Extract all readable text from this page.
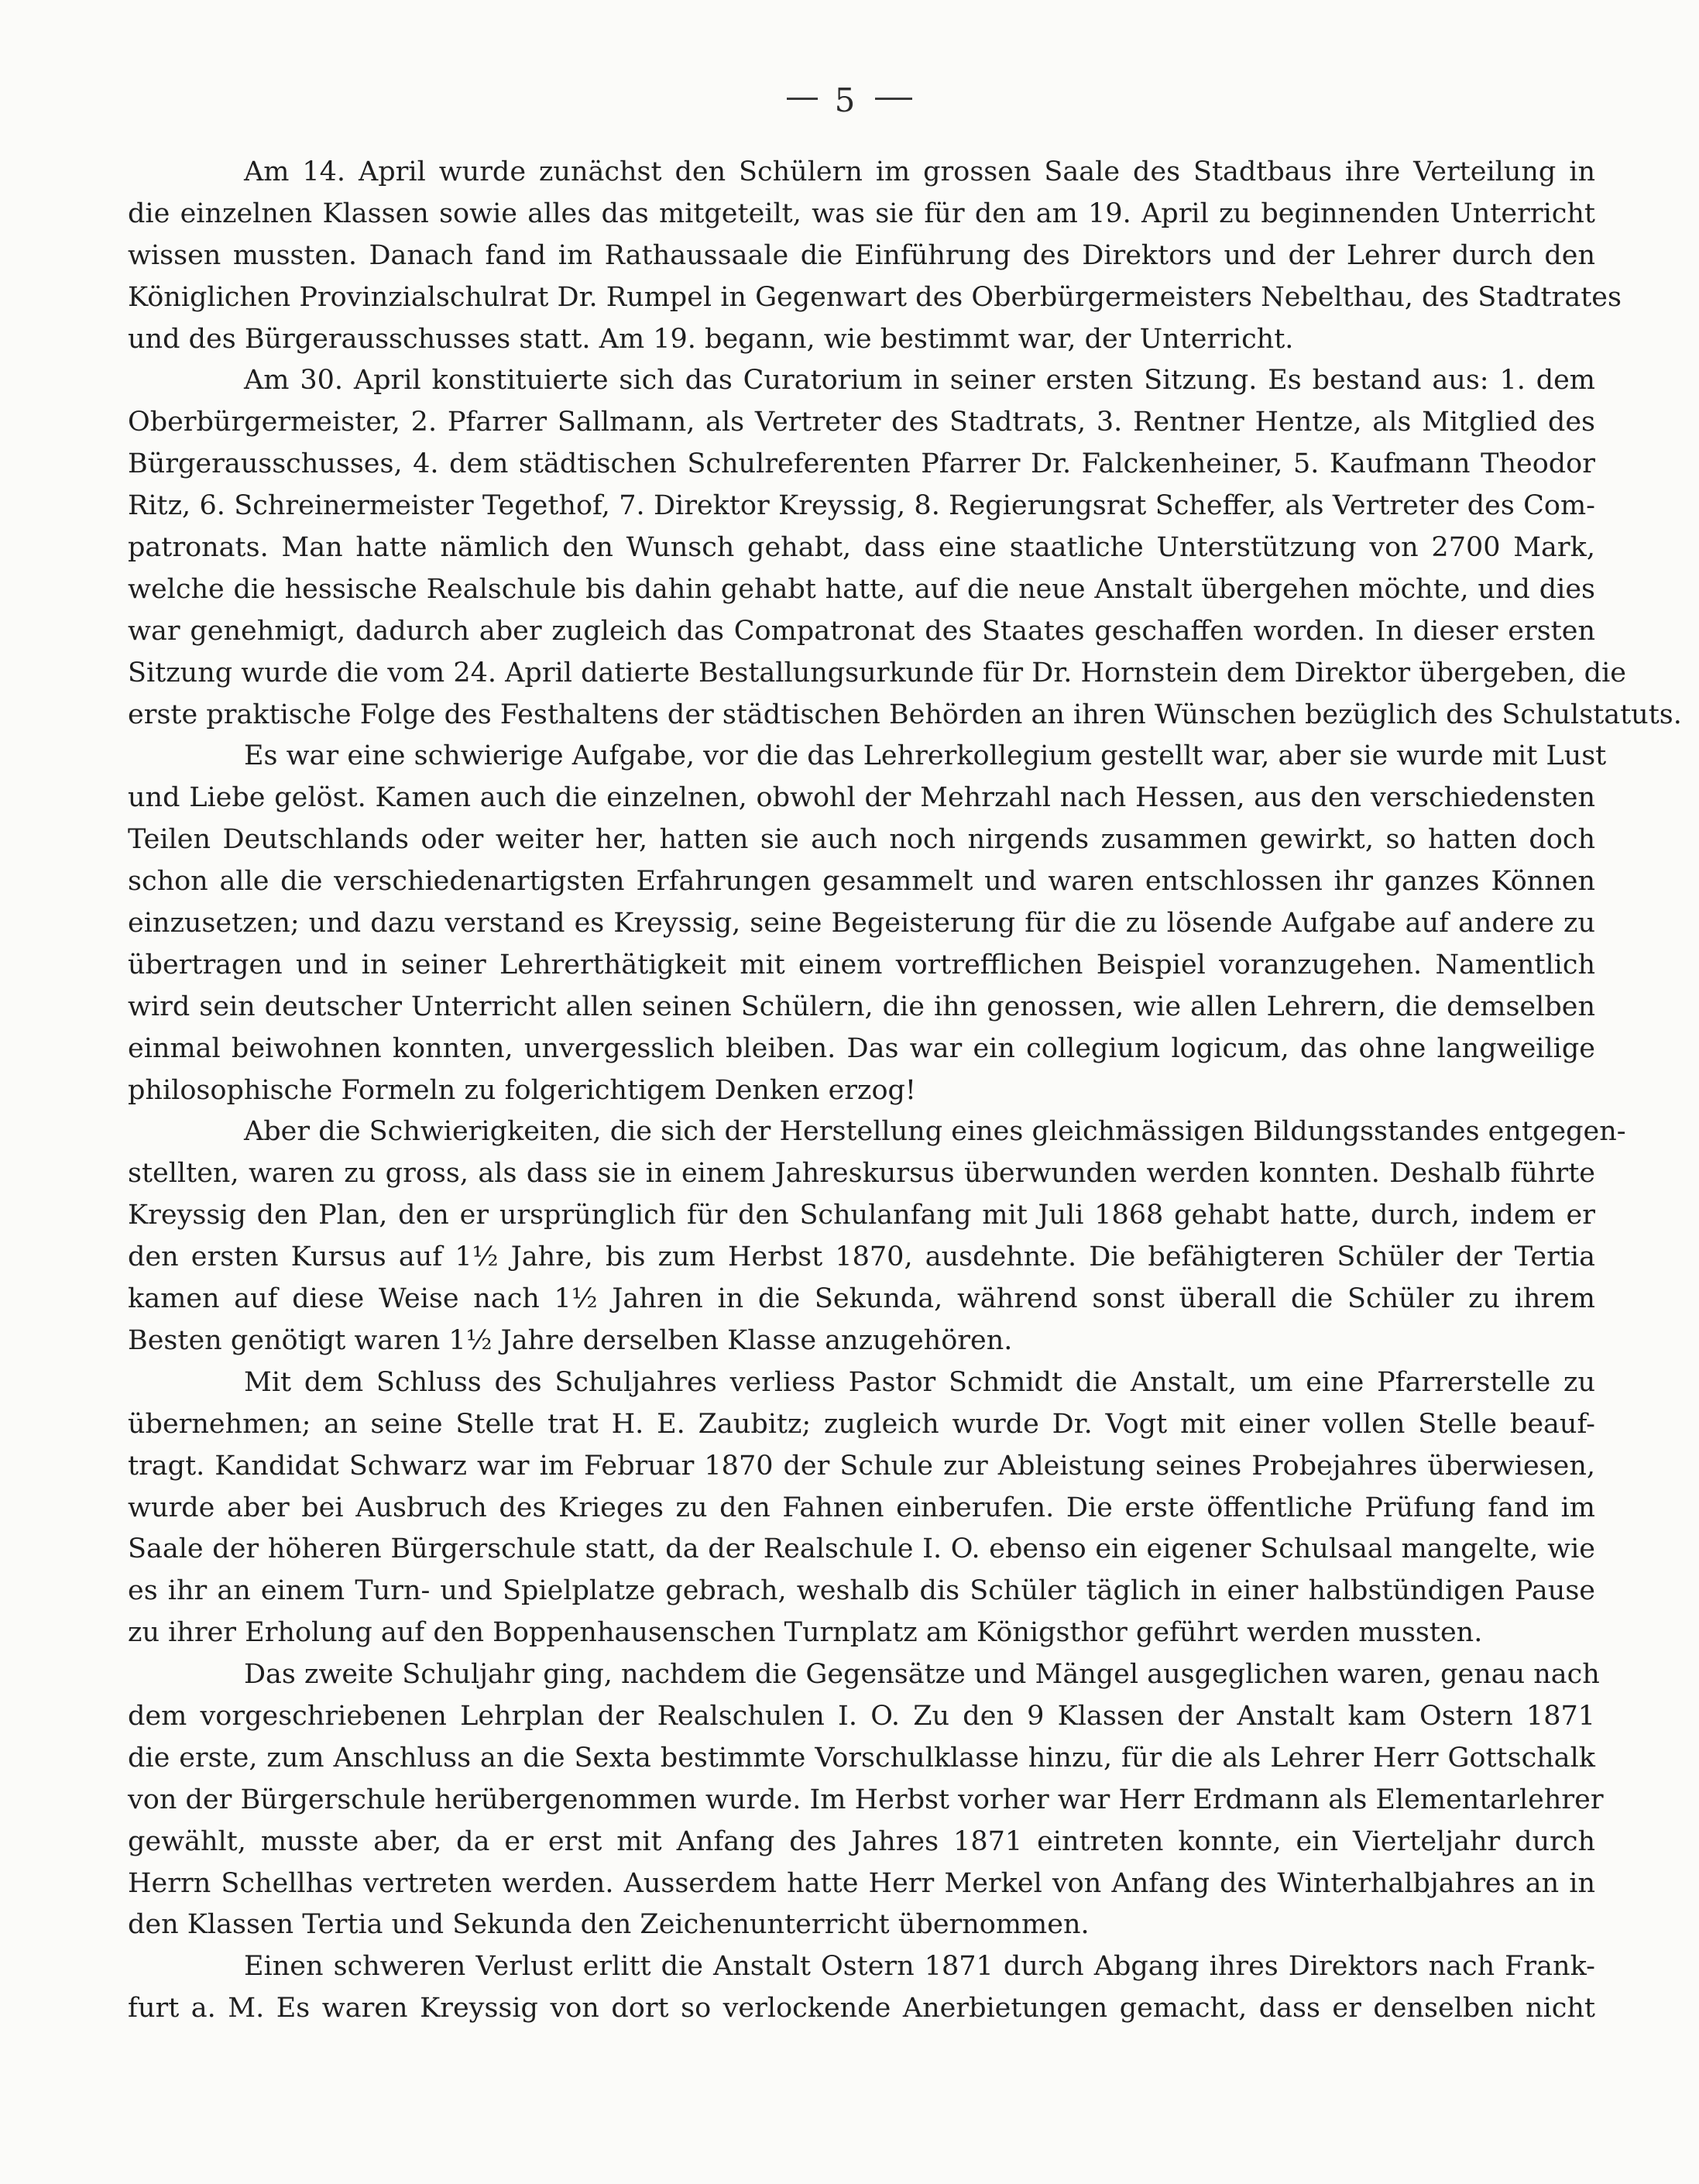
5
Am 14. April wurde zunächst den Schülern im grossen Saale des Stadtbaus ihre Verteilung in
die einzelnen Klassen sowie alles das mitgeteilt, was sie für den am 19. April zu beginnenden Unterricht
wissen mussten. Danach fand im Rathaussaale die Einführung des Direktors und der Lehrer durch den
Königlichen Provinzialschulrat Dr. Rumpel in Gegenwart des Oberbürgermeisters Nebelthau, des Stadtrates
und des Bürgerausschusses statt. Am 19. begann, wie bestimmt war, der Unterricht.
Am 30. April konstituierte sich das Curatorium in seiner ersten Sitzung. Es bestand aus: 1. dem
Oberbürgermeister, 2. Pfarrer Sallmann, als Vertreter des Stadtrats, 3. Rentner Hentze, als Mitglied des
Bürgerausschusses, 4. dem städtischen Schulreferenten Pfarrer Dr. Falckenheiner, 5. Kaufmann Theodor
Ritz, 6. Schreinermeister Tegethof, 7. Direktor Kreyssig, 8. Regierungsrat Scheffer, als Vertreter des Com-
patronats. Man hatte nämlich den Wunsch gehabt, dass eine staatliche Unterstützung von 2700 Mark,
welche die hessische Realschule bis dahin gehabt hatte, auf die neue Anstalt übergehen möchte, und dies
war genehmigt, dadurch aber zugleich das Compatronat des Staates geschaffen worden. In dieser ersten
Sitzung wurde die vom 24. April datierte Bestallungsurkunde für Dr. Hornstein dem Direktor übergeben, die
erste praktische Folge des Festhaltens der städtischen Behörden an ihren Wünschen bezüglich des Schulstatuts.
Es war eine schwierige Aufgabe, vor die das Lehrerkollegium gestellt war, aber sie wurde mit Lust
und Liebe gelöst. Kamen auch die einzelnen, obwohl der Mehrzahl nach Hessen, aus den verschiedensten
Teilen Deutschlands oder weiter her, hatten sie auch noch nirgends zusammen gewirkt, so hatten doch
schon alle die verschiedenartigsten Erfahrungen gesammelt und waren entschlossen ihr ganzes Können
einzusetzen; und dazu verstand es Kreyssig, seine Begeisterung für die zu lösende Aufgabe auf andere zu
übertragen und in seiner Lehrerthätigkeit mit einem vortrefflichen Beispiel voranzugehen. Namentlich
wird sein deutscher Unterricht allen seinen Schülern, die ihn genossen, wie allen Lehrern, die demselben
einmal beiwohnen konnten, unvergesslich bleiben. Das war ein collegium logicum, das ohne langweilige
philosophische Formeln zu folgerichtigem Denken erzog!
Aber die Schwierigkeiten, die sich der Herstellung eines gleichmässigen Bildungsstandes entgegen-
stellten, waren zu gross, als dass sie in einem Jahreskursus überwunden werden konnten. Deshalb führte
Kreyssig den Plan, den er ursprünglich für den Schulanfang mit Juli 1868 gehabt hatte, durch, indem er
den ersten Kursus auf 1½ Jahre, bis zum Herbst 1870, ausdehnte. Die befähigteren Schüler der Tertia
kamen auf diese Weise nach 1½ Jahren in die Sekunda, während sonst überall die Schüler zu ihrem
Besten genötigt waren 1½ Jahre derselben Klasse anzugehören.
Mit dem Schluss des Schuljahres verliess Pastor Schmidt die Anstalt, um eine Pfarrerstelle zu
übernehmen; an seine Stelle trat H. E. Zaubitz; zugleich wurde Dr. Vogt mit einer vollen Stelle beauf-
tragt. Kandidat Schwarz war im Februar 1870 der Schule zur Ableistung seines Probejahres überwiesen,
wurde aber bei Ausbruch des Krieges zu den Fahnen einberufen. Die erste öffentliche Prüfung fand im
Saale der höheren Bürgerschule statt, da der Realschule I. O. ebenso ein eigener Schulsaal mangelte, wie
es ihr an einem Turn- und Spielplatze gebrach, weshalb dis Schüler täglich in einer halbstündigen Pause
zu ihrer Erholung auf den Boppenhausenschen Turnplatz am Königsthor geführt werden mussten.
Das zweite Schuljahr ging, nachdem die Gegensätze und Mängel ausgeglichen waren, genau nach
dem vorgeschriebenen Lehrplan der Realschulen I. O. Zu den 9 Klassen der Anstalt kam Ostern 1871
die erste, zum Anschluss an die Sexta bestimmte Vorschulklasse hinzu, für die als Lehrer Herr Gottschalk
von der Bürgerschule herübergenommen wurde. Im Herbst vorher war Herr Erdmann als Elementarlehrer
gewählt, musste aber, da er erst mit Anfang des Jahres 1871 eintreten konnte, ein Vierteljahr durch
Herrn Schellhas vertreten werden. Ausserdem hatte Herr Merkel von Anfang des Winterhalbjahres an in
den Klassen Tertia und Sekunda den Zeichenunterricht übernommen.
Einen schweren Verlust erlitt die Anstalt Ostern 1871 durch Abgang ihres Direktors nach Frank-
furt a. M. Es waren Kreyssig von dort so verlockende Anerbietungen gemacht, dass er denselben nicht
